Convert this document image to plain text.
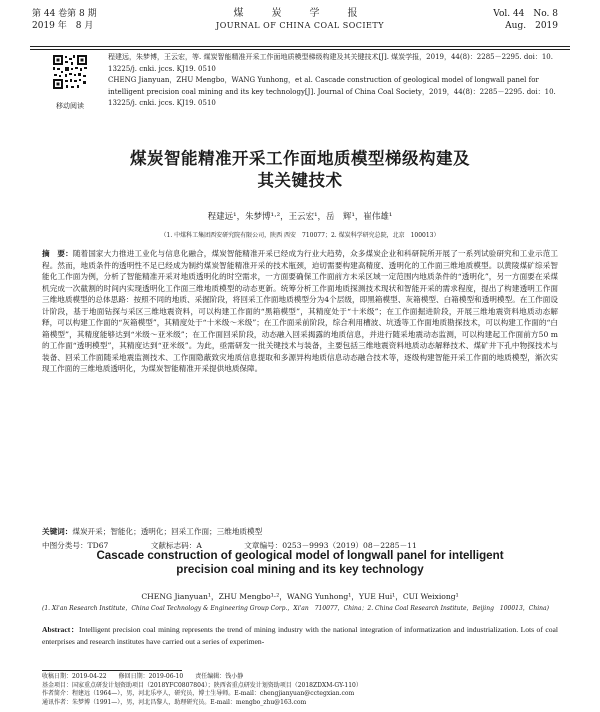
第 44 卷第 8 期
2019 年　8 月
煤　炭　学　报
JOURNAL OF CHINA COAL SOCIETY
Vol. 44　No. 8
Aug.　2019
移动阅读
程建远，朱梦博，王云宏，等. 煤炭智能精准开采工作面地质模型梯级构建及其关键技术[J]. 煤炭学报，2019，44(8)：2285－2295. doi：10. 13225/j. cnki. jccs. KJ19. 0510
CHENG Jianyuan，ZHU Mengbo，WANG Yunhong，et al. Cascade construction of geological model of longwall panel for intelligent precision coal mining and its key technology[J]. Journal of China Coal Society，2019，44(8)：2285－2295. doi：10. 13225/j. cnki. jccs. KJ19. 0510
煤炭智能精准开采工作面地质模型梯级构建及
其关键技术
程建远¹，朱梦博¹·²，王云宏¹，岳　辉¹，崔伟雄¹
（1. 中煤科工集团西安研究院有限公司，陕西 西安　710077；2. 煤炭科学研究总院，北京　100013）
摘　要：随着国家大力推进工业化与信息化融合，煤炭智能精准开采已经成为行业大趋势，众多煤炭企业和科研院所开展了一系列试验研究和工业示范工程。然而，地质条件的透明性不足已经成为制约煤炭智能精准开采的技术瓶颈，迫切需要构建高精度、透明化的工作面三维地质模型。以黄陵煤矿综采智能化工作面为例，分析了智能精准开采对地质透明化的时空需求，一方面要确保工作面前方未采区域一定范围内地质条件的“透明化”，另一方面要在采煤机完成一次截割的时间内实现透明化工作面三维地质模型的动态更新。统筹分析工作面地质探测技术现状和智能开采的需求程度，提出了构建透明工作面三维地质模型的总体思路：按照不同的地质、采掘阶段，将回采工作面地质模型分为4个层级，即黑箱模型、灰箱模型、白箱模型和透明模型。在工作面设计阶段，基于地面钻探与采区三维地震资料，可以构建工作面的“黑箱模型”，其精度处于“十米级”；在工作面掘进阶段，开展三维地震资料地质动态解释，可以构建工作面的“灰箱模型”，其精度处于“十米级～米级”；在工作面采前阶段，综合利用槽波、坑透等工作面地质勘探技术，可以构建工作面的“白箱模型”，其精度能够达到“米级～亚米级”；在工作面回采阶段，动态融入回采揭露的地质信息，并进行随采地震动态监测，可以构建起工作面前方50 m的工作面“透明模型”，其精度达到“亚米级”。为此，亟需研发一批关键技术与装备，主要包括三维地震资料地质动态解释技术、煤矿井下孔中物探技术与装备、回采工作面随采地震监测技术、工作面隐蔽致灾地质信息提取和多源异构地质信息动态融合技术等，逐级构建智能开采工作面的地质模型，渐次实现工作面的三维地质透明化，为煤炭智能精准开采提供地质保障。
关键词：煤炭开采；智能化；透明化；回采工作面；三维地质模型
中图分类号：TD67	文献标志码：A	文章编号：0253－9993（2019）08－2285－11
Cascade construction of geological model of longwall panel for intelligent
precision coal mining and its key technology
CHENG Jianyuan¹，ZHU Mengbo¹·²，WANG Yunhong¹，YUE Hui¹，CUI Weixiong¹
(1. Xi'an Research Institute，China Coal Technology & Engineering Group Corp.，Xi'an　710077，China；2. China Coal Research Institute，Beijing　100013，China)
Abstract：Intelligent precision coal mining represents the trend of mining industry with the national integration of informatization and industrialization. Lots of coal enterprises and research institutes have carried out a series of experimen-
收稿日期：2019-04-22　　修回日期：2019-06-10　　责任编辑：钱小静
基金项目：国家重点研发计划资助项目（2018YFC0807804）；陕西省重点研发计划资助项目（2018ZDXM-GY-110）
作者简介：程建远（1964—），男，河北乐亭人，研究员，博士生导师。E-mail：chengjianyuan@cctegxian.com
通讯作者：朱梦博（1991—），男，河北昌黎人，助理研究员。E-mail：mengbo_zhu@163.com
